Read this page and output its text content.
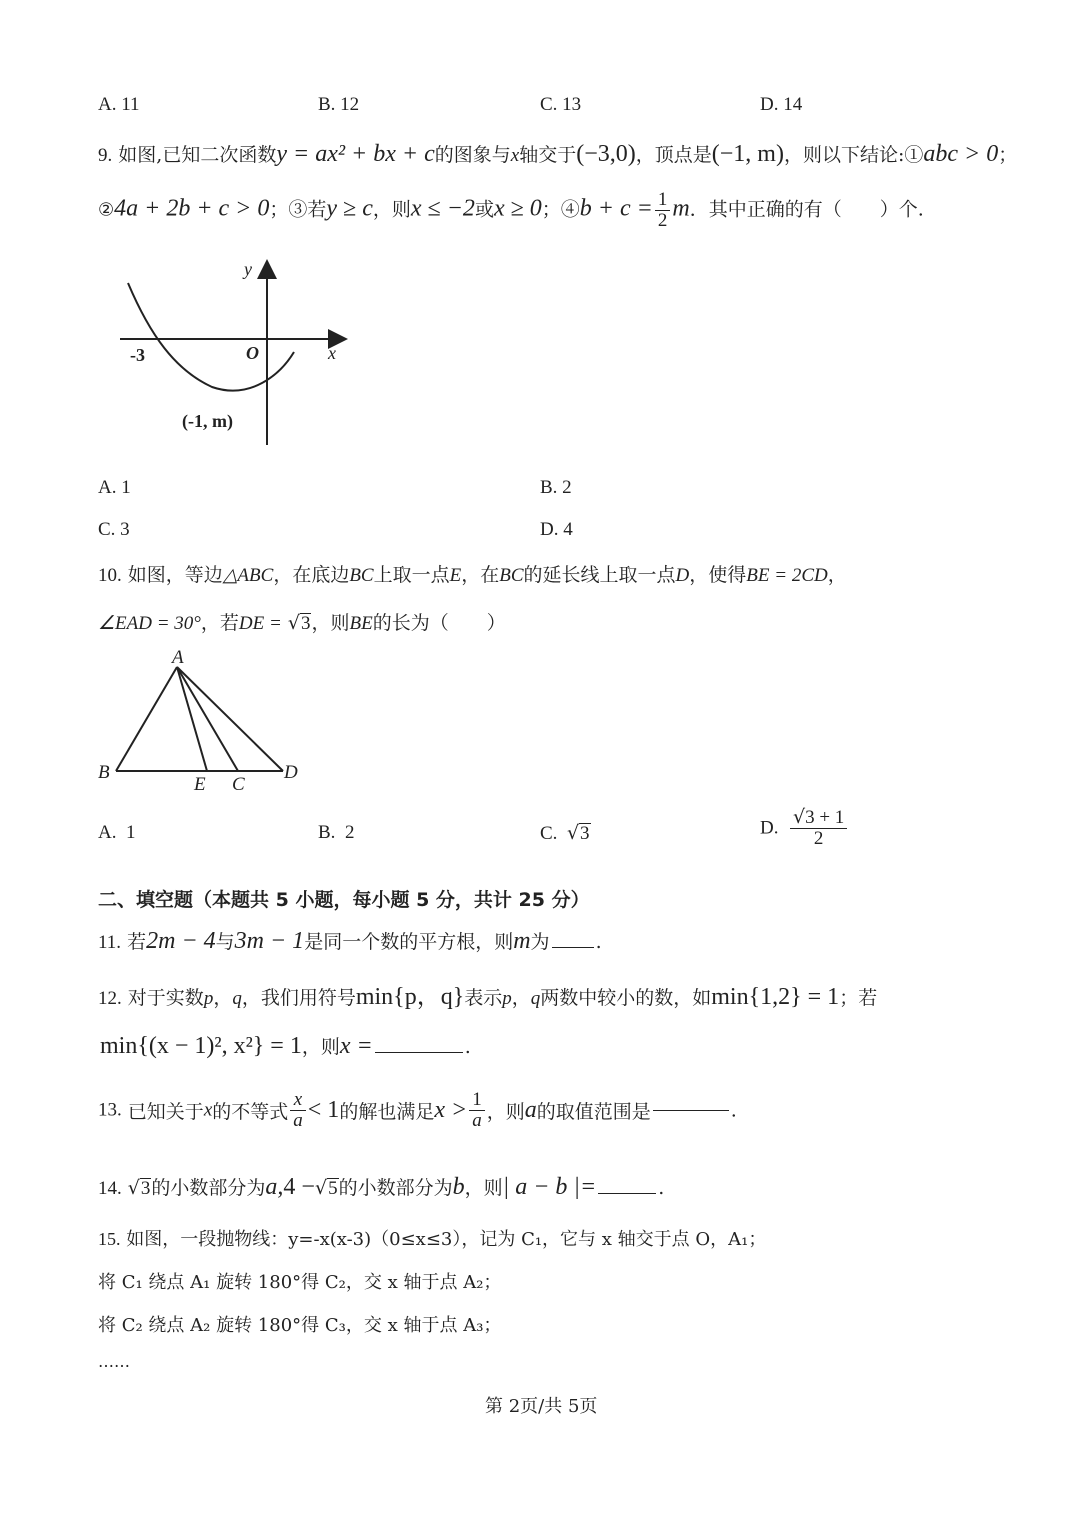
A. 11	B. 12	C. 13	D. 14
9. 如图,已知二次函数y = ax² + bx + c的图象与x轴交于(−3,0)，顶点是(−1, m)，则以下结论:①abc > 0；
②4a + 2b + c > 0；③若y ≥ c，则x ≤ −2或x ≥ 0；④b + $c = \frac{1}{2}$ m．其中正确的有（　　）个.
y
x
O
-3
(-1, m)
A. 1	B. 2
C. 3	D. 4
10. 如图，等边△ABC，在底边BC上取一点E，在BC的延长线上取一点D，使得BE = 2CD，
∠EAD = 30°，若DE = √3，则BE的长为（　　）
A
B
E C
D
A. 1	B. 2	C. √3	D. $\frac{√3 + 1}{2}$
二、填空题（本题共 5 小题，每小题 5 分，共计 25 分）
11. 若2m − 4与3m − 1是同一个数的平方根，则m为 .
12. 对于实数p，q，我们用符号min{p，q}表示p，q两数中较小的数，如min{1,2} = 1；若
min{(x − 1)², x²} = 1，则x =	.
13. 已知关于x的不等式 $\frac{x}{a} < 1$的解也满足$x > \frac{1}{a}$ ，则a的取值范围是	.
14. √3的小数部分为a,4 −√5的小数部分为b，则| a − b |=	.
15. 如图，一段抛物线：y=-x(x-3)（0≤x≤3），记为 C₁，它与 x 轴交于点 O，A₁；
将 C₁ 绕点 A₁ 旋转 180°得 C₂，交 x 轴于点 A₂；
将 C₂ 绕点 A₂ 旋转 180°得 C₃，交 x 轴于点 A₃；
……
第 2页/共 5页
